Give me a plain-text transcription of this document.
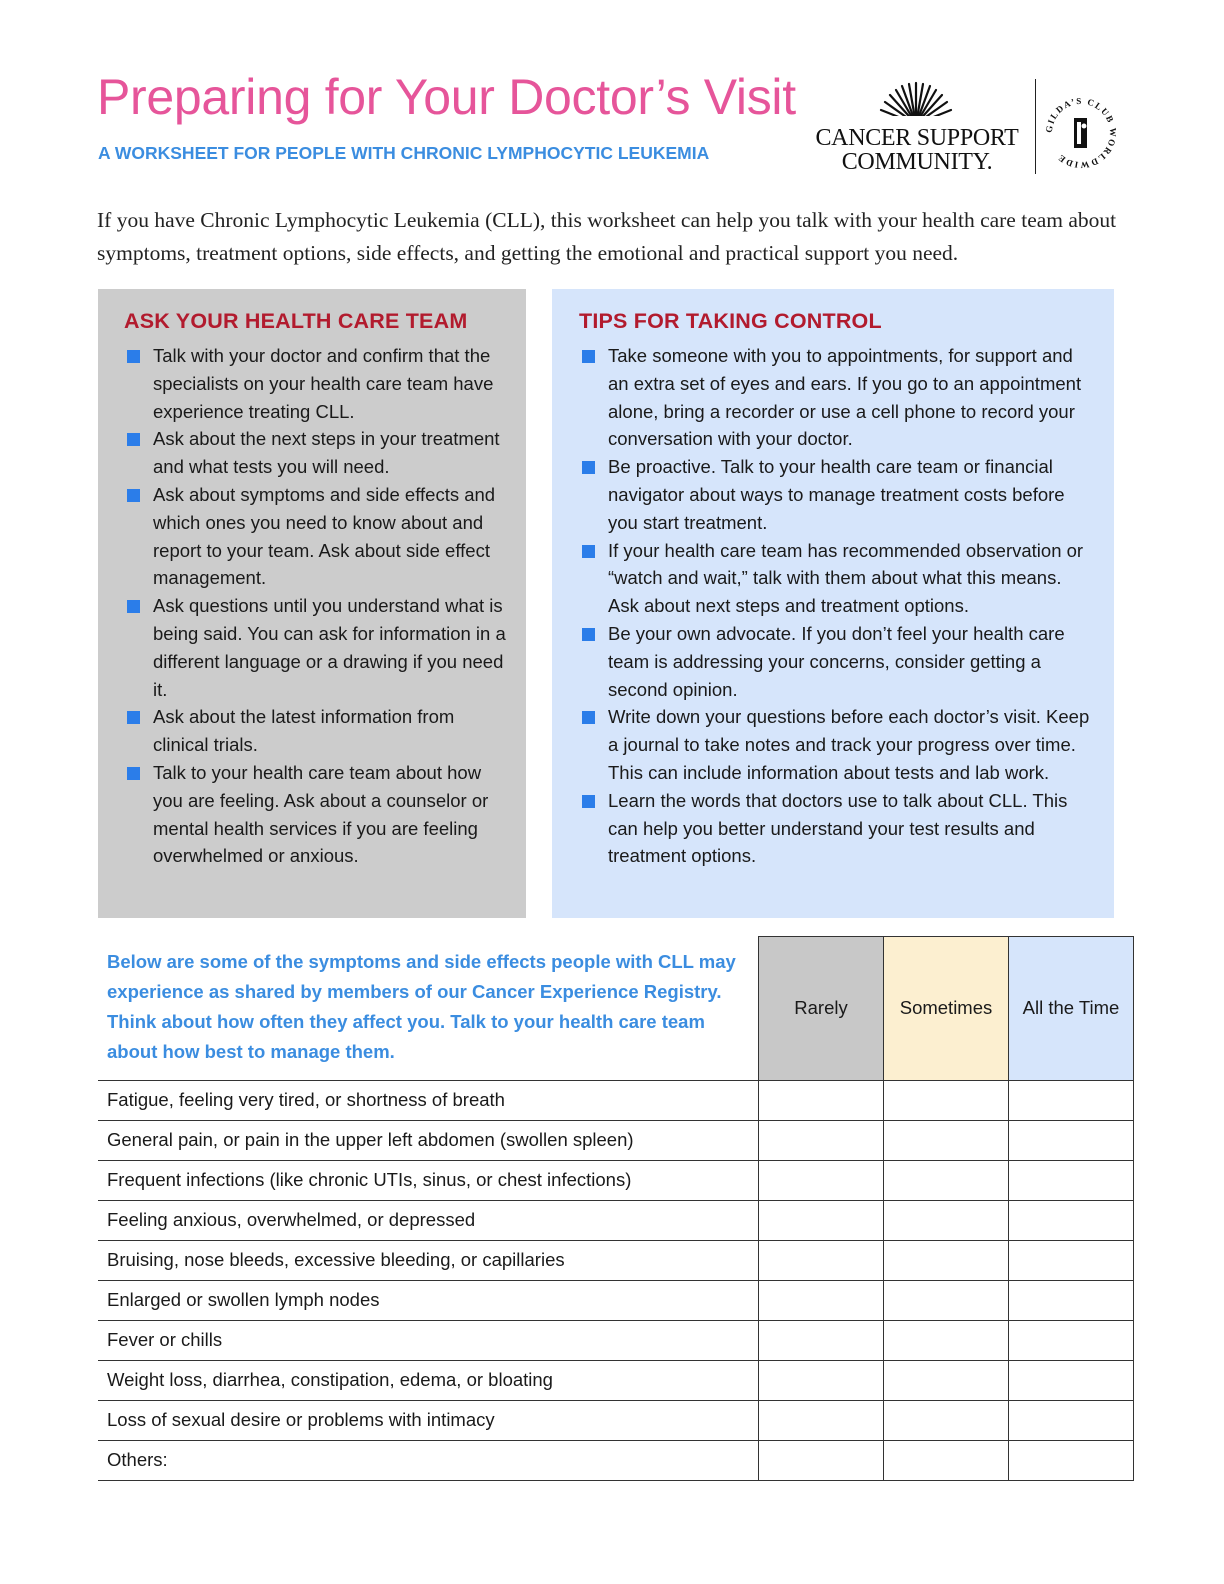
Preparing for Your Doctor’s Visit
A WORKSHEET FOR PEOPLE WITH CHRONIC LYMPHOCYTIC LEUKEMIA
CANCER SUPPORT
COMMUNITY.
GILDA’S CLUB WORLDWIDE

If you have Chronic Lymphocytic Leukemia (CLL), this worksheet can help you talk with your health care team about symptoms, treatment options, side effects, and getting the emotional and practical support you need.

ASK YOUR HEALTH CARE TEAM
Talk with your doctor and confirm that the specialists on your health care team have experience treating CLL.
Ask about the next steps in your treatment and what tests you will need.
Ask about symptoms and side effects and which ones you need to know about and report to your team. Ask about side effect management.
Ask questions until you understand what is being said. You can ask for information in a different language or a drawing if you need it.
Ask about the latest information from clinical trials.
Talk to your health care team about how you are feeling. Ask about a counselor or mental health services if you are feeling overwhelmed or anxious.
TIPS FOR TAKING CONTROL
Take someone with you to appointments, for support and an extra set of eyes and ears. If you go to an appointment alone, bring a recorder or use a cell phone to record your conversation with your doctor.
Be proactive. Talk to your health care team or financial navigator about ways to manage treatment costs before you start treatment.
If your health care team has recommended observation or “watch and wait,” talk with them about what this means. Ask about next steps and treatment options.
Be your own advocate. If you don’t feel your health care team is addressing your concerns, consider getting a second opinion.
Write down your questions before each doctor’s visit. Keep a journal to take notes and track your progress over time. This can include information about tests and lab work.
Learn the words that doctors use to talk about CLL. This can help you better understand your test results and treatment options.
Below are some of the symptoms and side effects people with CLL may experience as shared by members of our Cancer Experience Registry. Think about how often they affect you. Talk to your health care team about how best to manage them.	Rarely	Sometimes	All the Time
Fatigue, feeling very tired, or shortness of breath			
General pain, or pain in the upper left abdomen (swollen spleen)			
Frequent infections (like chronic UTIs, sinus, or chest infections)			
Feeling anxious, overwhelmed, or depressed			
Bruising, nose bleeds, excessive bleeding, or capillaries			
Enlarged or swollen lymph nodes			
Fever or chills			
Weight loss, diarrhea, constipation, edema, or bloating			
Loss of sexual desire or problems with intimacy			
Others:			
